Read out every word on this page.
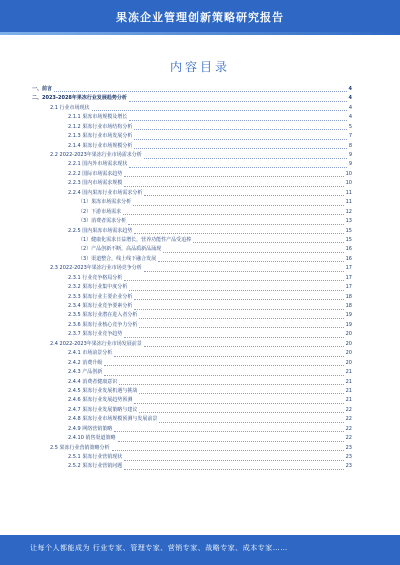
果冻企业管理创新策略研究报告
内容目录
一、前言	4
二、2023-2028年果冻行业发展趋势分析	4
2.1 行业市场现状	4
2.1.1 果冻市场规模及增长	4
2.1.2 果冻行业市场结构分析	5
2.1.3 果冻行业市场发展分析	7
2.1.4 果冻行业市场规模分析	8
2.2 2022-2023年果冻行业市场需求分析	9
2.2.1 国内外市场需求现状	9
2.2.2 国际市场需求趋势	10
2.2.3 国内市场需求规模	10
2.2.4 国内果冻行业市场需求分析	11
（1）果冻市场需求分析	11
（2）下游市场需求	12
（3）消费者需求分析	13
2.2.5 国内果冻市场需求趋势	15
（1）健康化需求日益增长，营养功能性产品受追捧	15
（2）产品创新不断，高品质新品涌现	16
（3）渠道整合，线上线下融合发展	16
2.3 2022-2023年果冻行业市场竞争分析	17
2.3.1 行业竞争格局分析	17
2.3.2 果冻行业集中度分析	17
2.3.3 果冻行业主要企业分析	18
2.3.4 果冻行业竞争要素分析	18
2.3.5 果冻行业潜在进入者分析	19
2.3.6 果冻行业核心竞争力分析	19
2.3.7 果冻行业竞争趋势	20
2.4 2022-2023年果冻行业市场发展前景	20
2.4.1 市场前景分析	20
2.4.2 消费升级	20
2.4.3 产品创新	21
2.4.4 消费者健康意识	21
2.4.5 果冻行业发展机遇与挑战	21
2.4.6 果冻行业发展趋势预测	21
2.4.7 果冻行业发展策略与建议	22
2.4.8 果冻行业市场规模预测与发展前景	22
2.4.9 网络营销策略	22
2.4.10 销售渠道策略	22
2.5 果冻行业营销策略分析	23
2.5.1 果冻行业营销现状	23
2.5.2 果冻行业营销问题	23
让每个人都能成为 行业专家、管理专家、营销专家、战略专家、成本专家……
